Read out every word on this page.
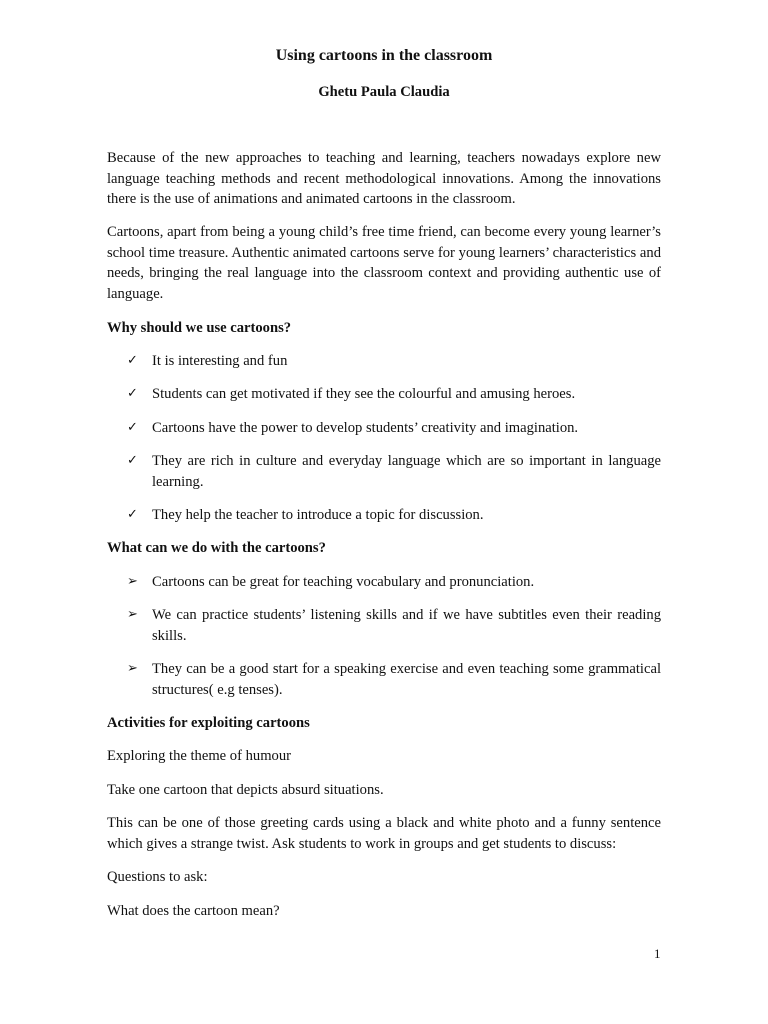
Using cartoons in the classroom
Ghetu Paula Claudia
Because of the new approaches to teaching and learning, teachers nowadays explore new language teaching methods and recent methodological innovations. Among the innovations there is the use of animations and animated cartoons in the classroom.
Cartoons, apart from being a young child’s free time friend, can become every young learner’s school time treasure. Authentic animated cartoons serve for young learners’ characteristics and needs, bringing the real language into the classroom context and providing authentic use of language.
Why should we use cartoons?
✓ It is interesting and fun
✓ Students can get motivated if they see the colourful and amusing heroes.
✓ Cartoons have the power to develop students’ creativity and imagination.
✓ They are rich in culture and everyday language which are so important in language learning.
✓ They help the teacher to introduce a topic for discussion.
What can we do with the cartoons?
➢ Cartoons can be great for teaching vocabulary and pronunciation.
➢ We can practice students’ listening skills and if we have subtitles even their reading skills.
➢ They can be a good start for a speaking exercise and even teaching some grammatical structures( e.g tenses).
Activities for exploiting cartoons
Exploring the theme of humour
Take one cartoon that depicts absurd situations.
This can be one of those greeting cards using a black and white photo and a funny sentence which gives a strange twist. Ask students to work in groups and get students to discuss:
Questions to ask:
What does the cartoon mean?
1
